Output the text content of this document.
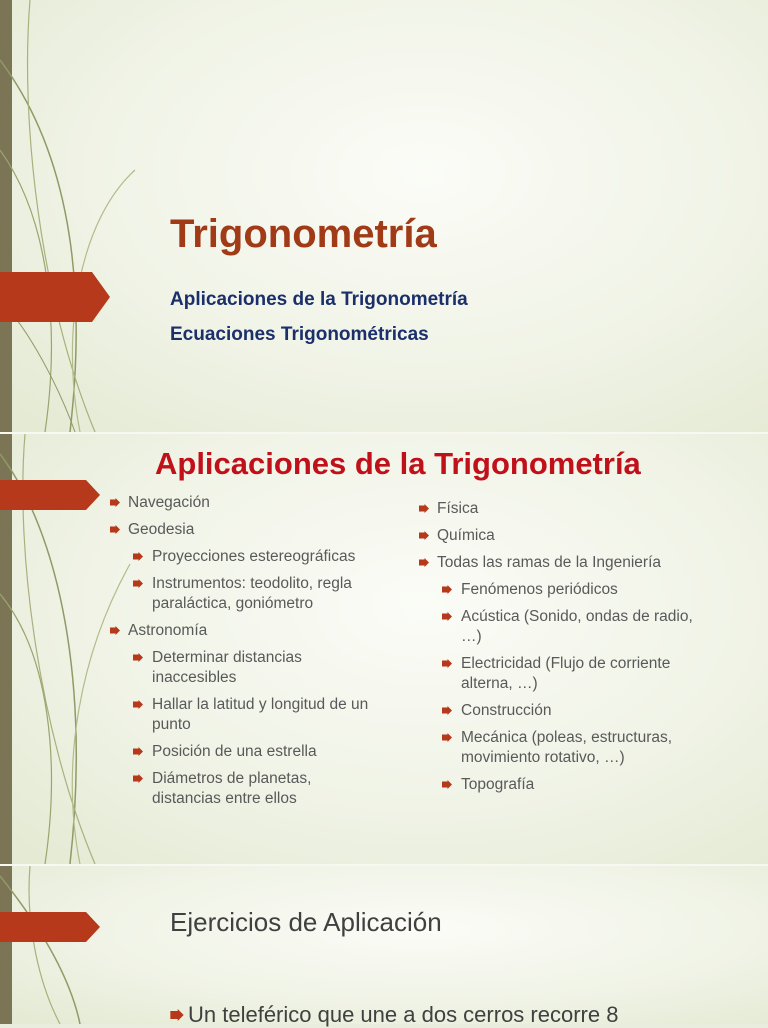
Trigonometría

Aplicaciones de la Trigonometría

Ecuaciones Trigonométricas

Aplicaciones de la Trigonometría
Navegación
Geodesia
Proyecciones estereográficas
Instrumentos: teodolito, regla paraláctica, goniómetro
Astronomía
Determinar distancias inaccesibles
Hallar la latitud y longitud de un punto
Posición de una estrella
Diámetros de planetas, distancias entre ellos
Física
Química
Todas las ramas de la Ingeniería
Fenómenos periódicos
Acústica (Sonido, ondas de radio, …)
Electricidad (Flujo de corriente alterna, …)
Construcción
Mecánica (poleas, estructuras, movimiento rotativo, …)
Topografía
Ejercicios de Aplicación

Un teleférico que une a dos cerros recorre 8
